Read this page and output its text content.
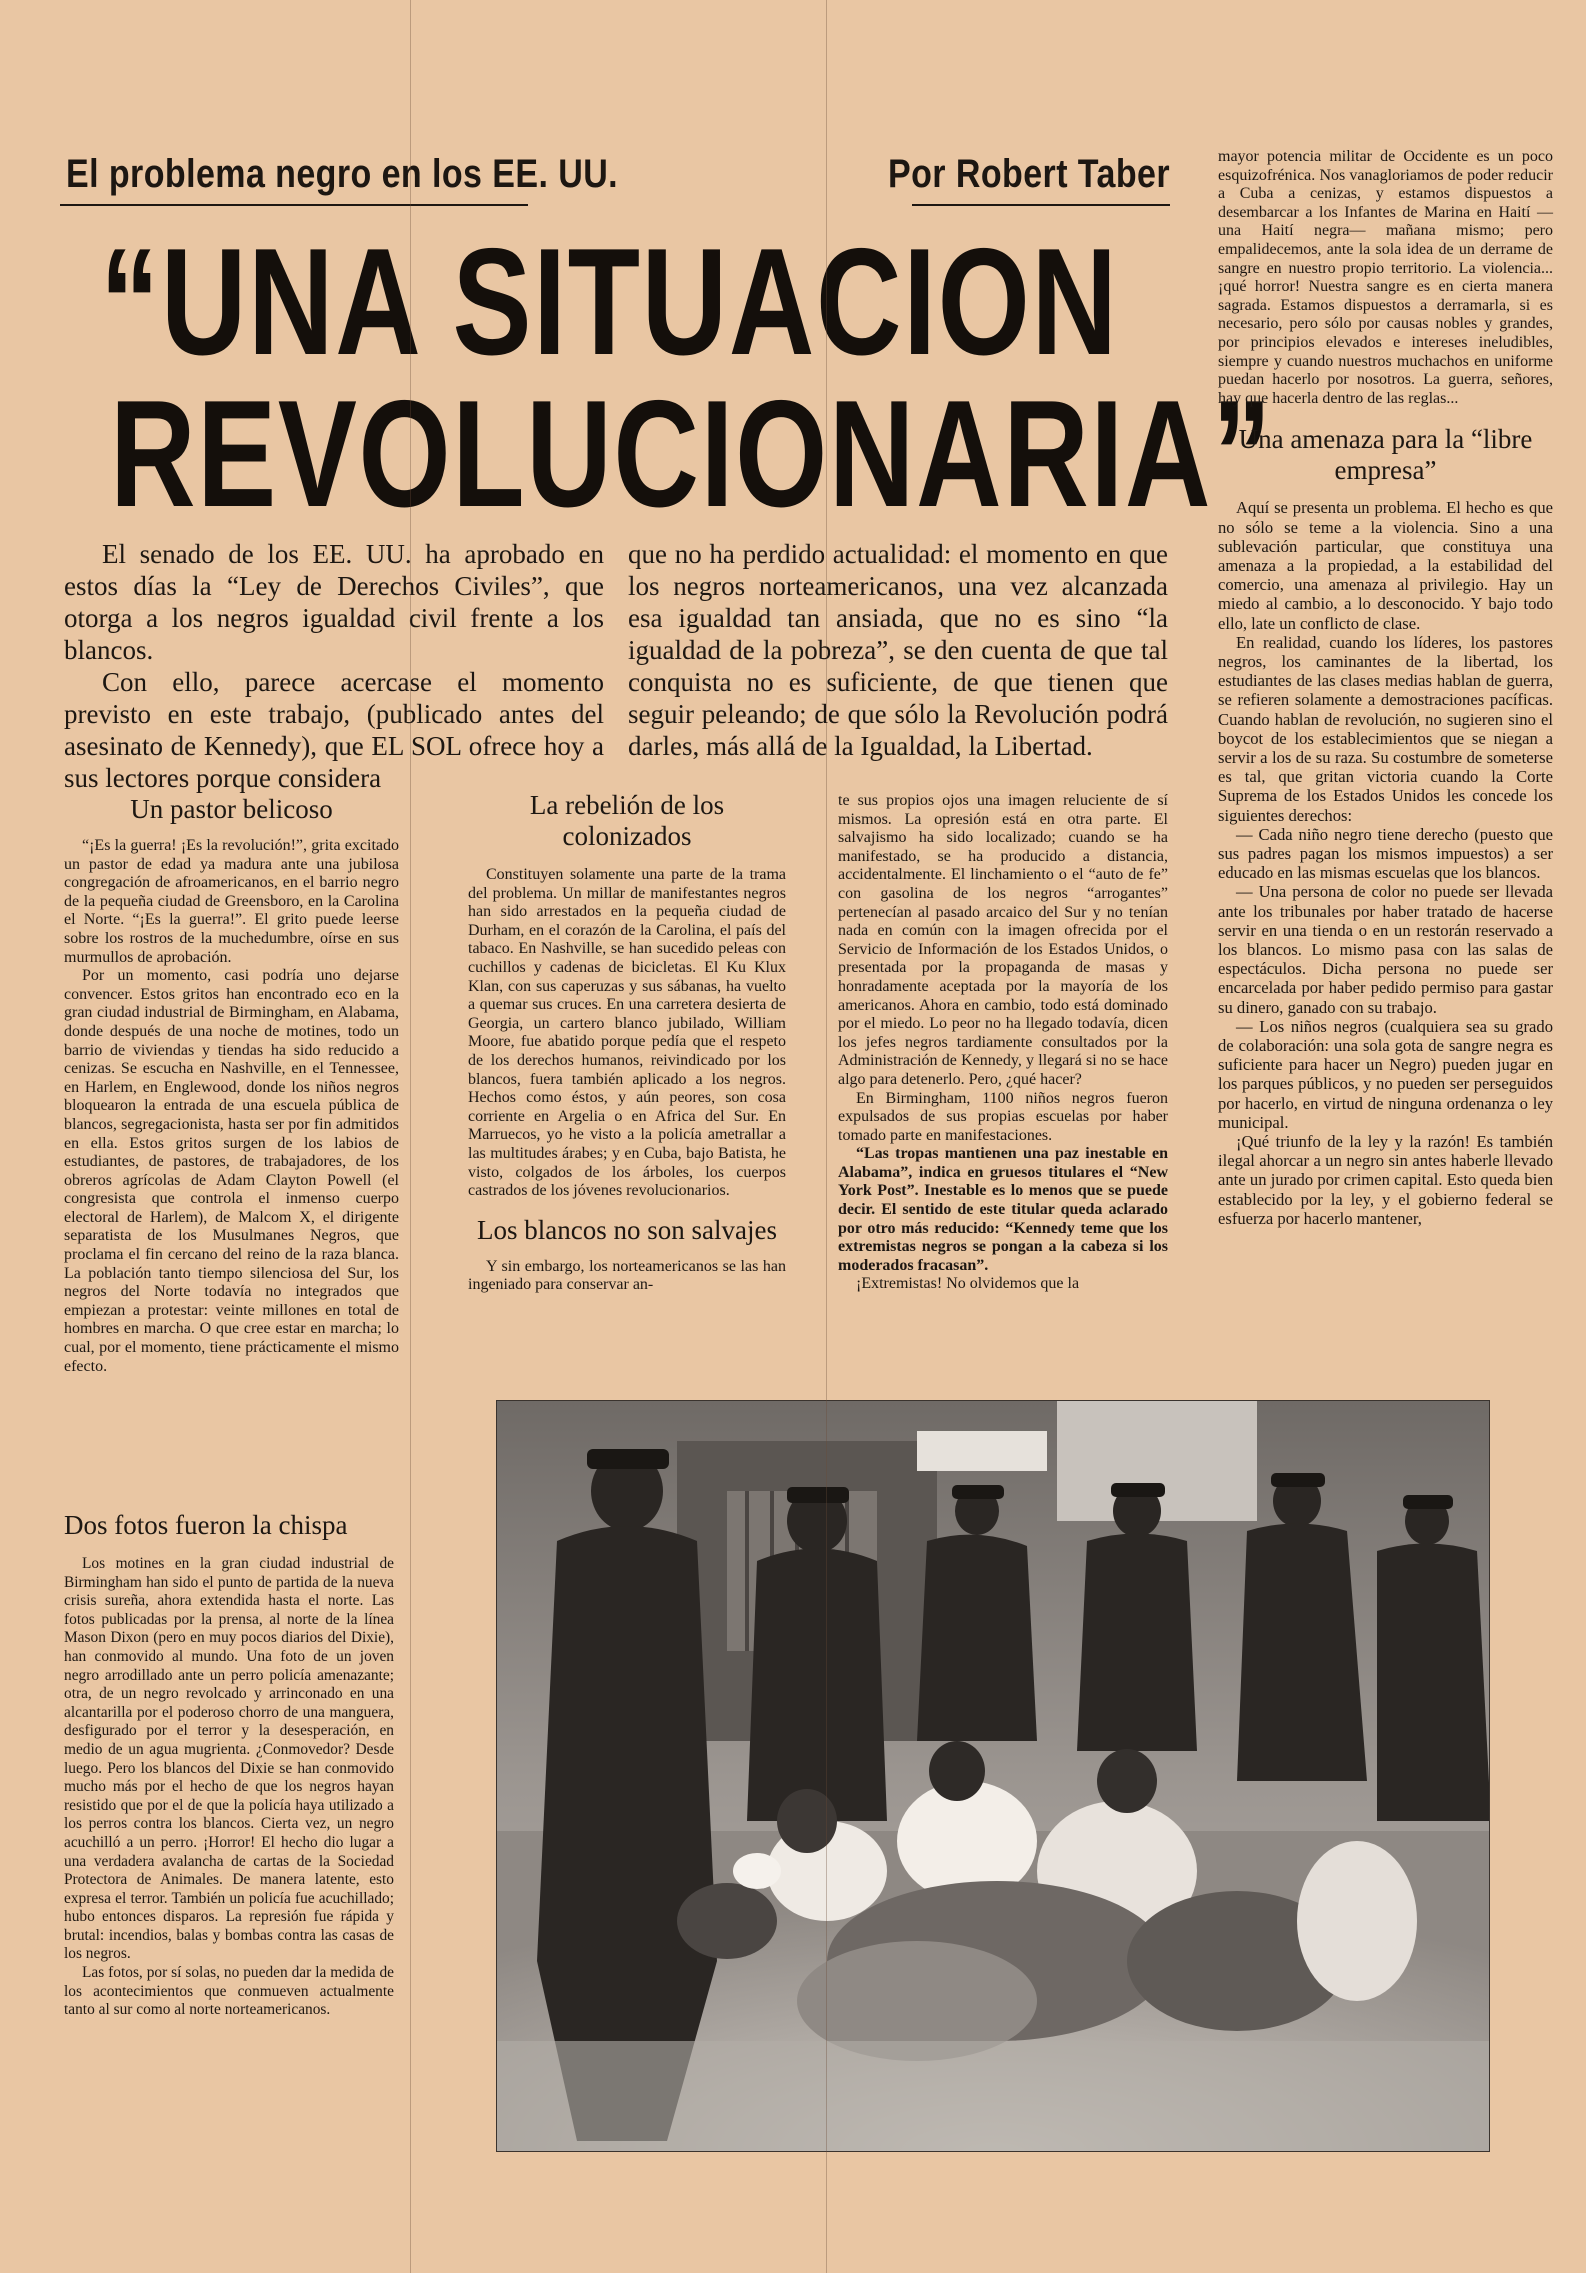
El problema negro en los EE. UU.	Por Robert Taber
“UNA SITUACION
REVOLUCIONARIA”

El senado de los EE. UU. ha aprobado en estos días la “Ley de Derechos Civiles”, que otorga a los negros igualdad civil frente a los blancos.

Con ello, parece acercase el momento previsto en este trabajo, (publicado antes del asesinato de Kennedy), que EL SOL ofrece hoy a sus lectores porque considera

que no ha perdido actualidad: el momento en que los negros norteamericanos, una vez alcanzada esa igualdad tan ansiada, que no es sino “la igualdad de la pobreza”, se den cuenta de que tal conquista no es suficiente, de que tienen que seguir peleando; de que sólo la Revolución podrá darles, más allá de la Igualdad, la Libertad.

Un pastor belicoso

“¡Es la guerra! ¡Es la revolución!”, grita excitado un pastor de edad ya madura ante una jubilosa congregación de afroamericanos, en el barrio negro de la pequeña ciudad de Greensboro, en la Carolina el Norte. “¡Es la guerra!”. El grito puede leerse sobre los rostros de la muchedumbre, oírse en sus murmullos de aprobación.

Por un momento, casi podría uno dejarse convencer. Estos gritos han encontrado eco en la gran ciudad industrial de Birmingham, en Alabama, donde después de una noche de motines, todo un barrio de viviendas y tiendas ha sido reducido a cenizas. Se escucha en Nashville, en el Tennessee, en Harlem, en Englewood, donde los niños negros bloquearon la entrada de una escuela pública de blancos, segregacionista, hasta ser por fin admitidos en ella. Estos gritos surgen de los labios de estudiantes, de pastores, de trabajadores, de los obreros agrícolas de Adam Clayton Powell (el congresista que controla el inmenso cuerpo electoral de Harlem), de Malcom X, el dirigente separatista de los Musulmanes Negros, que proclama el fin cercano del reino de la raza blanca. La población tanto tiempo silenciosa del Sur, los negros del Norte todavía no integrados que empiezan a protestar: veinte millones en total de hombres en marcha. O que cree estar en marcha; lo cual, por el momento, tiene prácticamente el mismo efecto.

Dos fotos fueron la chispa

Los motines en la gran ciudad industrial de Birmingham han sido el punto de partida de la nueva crisis sureña, ahora extendida hasta el norte. Las fotos publicadas por la prensa, al norte de la línea Mason Dixon (pero en muy pocos diarios del Dixie), han conmovido al mundo. Una foto de un joven negro arrodillado ante un perro policía amenazante; otra, de un negro revolcado y arrinconado en una alcantarilla por el poderoso chorro de una manguera, desfigurado por el terror y la desesperación, en medio de un agua mugrienta. ¿Conmovedor? Desde luego. Pero los blancos del Dixie se han conmovido mucho más por el hecho de que los negros hayan resistido que por el de que la policía haya utilizado a los perros contra los blancos. Cierta vez, un negro acuchilló a un perro. ¡Horror! El hecho dio lugar a una verdadera avalancha de cartas de la Sociedad Protectora de Animales. De manera latente, esto expresa el terror. También un policía fue acuchillado; hubo entonces disparos. La represión fue rápida y brutal: incendios, balas y bombas contra las casas de los negros.

Las fotos, por sí solas, no pueden dar la medida de los acontecimientos que conmueven actualmente tanto al sur como al norte norteamericanos.

La rebelión de los colonizados

Constituyen solamente una parte de la trama del problema. Un millar de manifestantes negros han sido arrestados en la pequeña ciudad de Durham, en el corazón de la Carolina, el país del tabaco. En Nashville, se han sucedido peleas con cuchillos y cadenas de bicicletas. El Ku Klux Klan, con sus caperuzas y sus sábanas, ha vuelto a quemar sus cruces. En una carretera desierta de Georgia, un cartero blanco jubilado, William Moore, fue abatido porque pedía que el respeto de los derechos humanos, reivindicado por los blancos, fuera también aplicado a los negros. Hechos como éstos, y aún peores, son cosa corriente en Argelia o en Africa del Sur. En Marruecos, yo he visto a la policía ametrallar a las multitudes árabes; y en Cuba, bajo Batista, he visto, colgados de los árboles, los cuerpos castrados de los jóvenes revolucionarios.

Los blancos no son salvajes

Y sin embargo, los norteamericanos se las han ingeniado para conservar an-

te sus propios ojos una imagen reluciente de sí mismos. La opresión está en otra parte. El salvajismo ha sido localizado; cuando se ha manifestado, se ha producido a distancia, accidentalmente. El linchamiento o el “auto de fe” con gasolina de los negros “arrogantes” pertenecían al pasado arcaico del Sur y no tenían nada en común con la imagen ofrecida por el Servicio de Información de los Estados Unidos, o presentada por la propaganda de masas y honradamente aceptada por la mayoría de los americanos. Ahora en cambio, todo está dominado por el miedo. Lo peor no ha llegado todavía, dicen los jefes negros tardiamente consultados por la Administración de Kennedy, y llegará si no se hace algo para detenerlo. Pero, ¿qué hacer?

En Birmingham, 1100 niños negros fueron expulsados de sus propias escuelas por haber tomado parte en manifestaciones.

“Las tropas mantienen una paz inestable en Alabama”, indica en gruesos titulares el “New York Post”. Inestable es lo menos que se puede decir. El sentido de este titular queda aclarado por otro más reducido: “Kennedy teme que los extremistas negros se pongan a la cabeza si los moderados fracasan”.

¡Extremistas! No olvidemos que la

mayor potencia militar de Occidente es un poco esquizofrénica. Nos vanagloriamos de poder reducir a Cuba a cenizas, y estamos dispuestos a desembarcar a los Infantes de Marina en Haití —una Haití negra— mañana mismo; pero empalidecemos, ante la sola idea de un derrame de sangre en nuestro propio territorio. La violencia... ¡qué horror! Nuestra sangre es en cierta manera sagrada. Estamos dispuestos a derramarla, si es necesario, pero sólo por causas nobles y grandes, por principios elevados e intereses ineludibles, siempre y cuando nuestros muchachos en uniforme puedan hacerlo por nosotros. La guerra, señores, hay que hacerla dentro de las reglas...

Una amenaza para la “libre empresa”

Aquí se presenta un problema. El hecho es que no sólo se teme a la violencia. Sino a una sublevación particular, que constituya una amenaza a la propiedad, a la estabilidad del comercio, una amenaza al privilegio. Hay un miedo al cambio, a lo desconocido. Y bajo todo ello, late un conflicto de clase.

En realidad, cuando los líderes, los pastores negros, los caminantes de la libertad, los estudiantes de las clases medias hablan de guerra, se refieren solamente a demostraciones pacíficas. Cuando hablan de revolución, no sugieren sino el boycot de los establecimientos que se niegan a servir a los de su raza. Su costumbre de someterse es tal, que gritan victoria cuando la Corte Suprema de los Estados Unidos les concede los siguientes derechos:

— Cada niño negro tiene derecho (puesto que sus padres pagan los mismos impuestos) a ser educado en las mismas escuelas que los blancos.

— Una persona de color no puede ser llevada ante los tribunales por haber tratado de hacerse servir en una tienda o en un restorán reservado a los blancos. Lo mismo pasa con las salas de espectáculos. Dicha persona no puede ser encarcelada por haber pedido permiso para gastar su dinero, ganado con su trabajo.

— Los niños negros (cualquiera sea su grado de colaboración: una sola gota de sangre negra es suficiente para hacer un Negro) pueden jugar en los parques públicos, y no pueden ser perseguidos por hacerlo, en virtud de ninguna ordenanza o ley municipal.

¡Qué triunfo de la ley y la razón! Es también ilegal ahorcar a un negro sin antes haberle llevado ante un jurado por crimen capital. Esto queda bien establecido por la ley, y el gobierno federal se esfuerza por hacerlo mantener,
